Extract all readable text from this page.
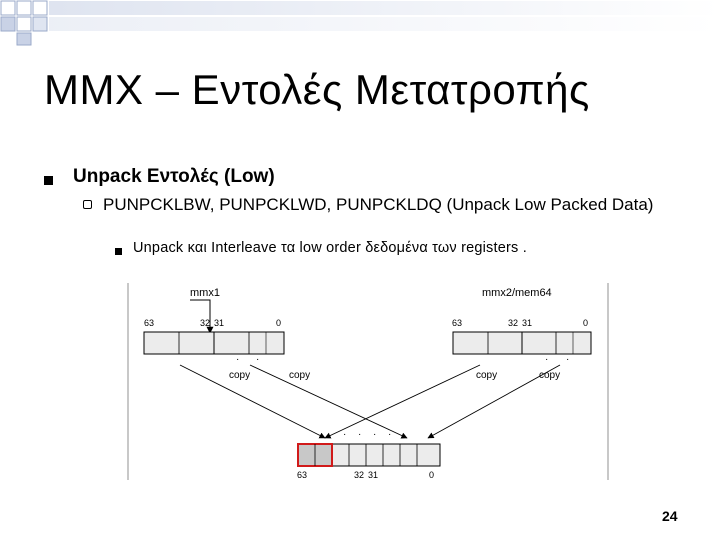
MMX – Εντολές Μετατροπής
Unpack Εντολές (Low)
PUNPCKLBW, PUNPCKLWD, PUNPCKLDQ (Unpack Low Packed Data)
Unpack και Interleave τα low order δεδομένα των registers .
mmx1	mmx2/mem64
63	32 31	0	63	32 31	0
· ·	· ·
copy	copy	copy	copy
· · · ·
63	32 31	0
24
